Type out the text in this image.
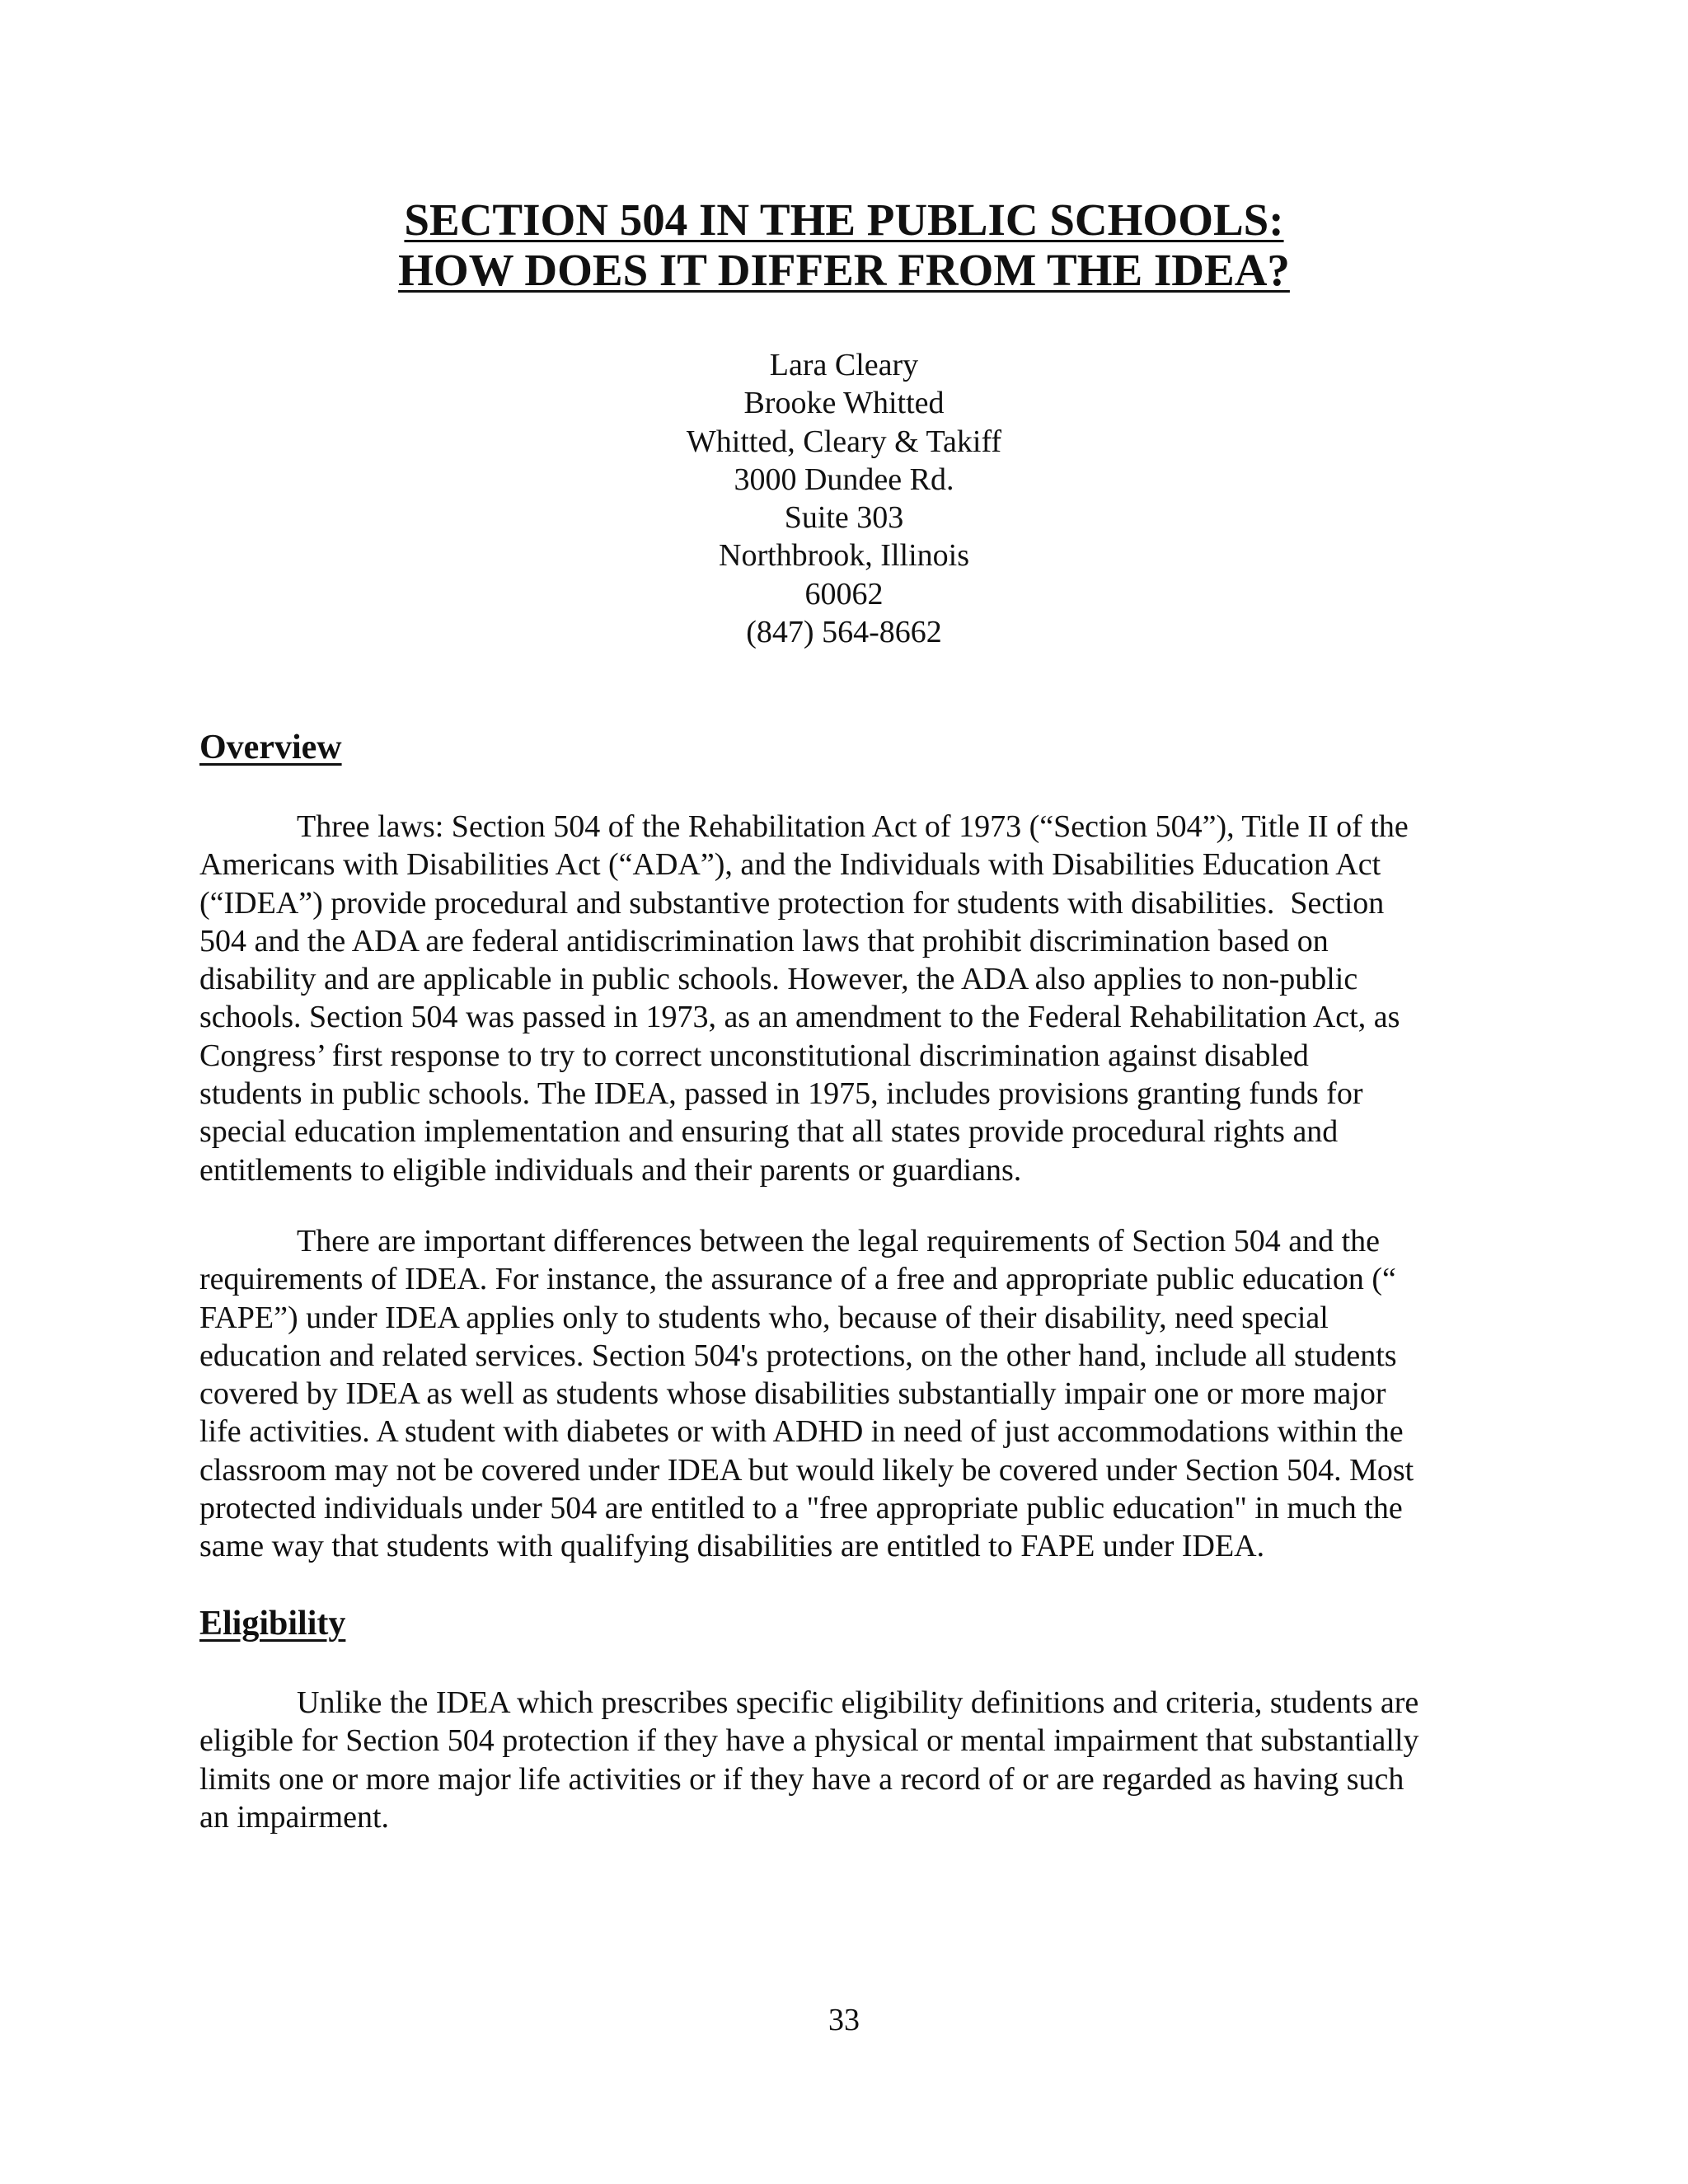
SECTION 504 IN THE PUBLIC SCHOOLS:
HOW DOES IT DIFFER FROM THE IDEA?
Lara Cleary
Brooke Whitted
Whitted, Cleary & Takiff
3000 Dundee Rd.
Suite 303
Northbrook, Illinois
60062
(847) 564-8662
Overview
Three laws: Section 504 of the Rehabilitation Act of 1973 (“Section 504”), Title II of the
Americans with Disabilities Act (“ADA”), and the Individuals with Disabilities Education Act
(“IDEA”) provide procedural and substantive protection for students with disabilities.  Section
504 and the ADA are federal antidiscrimination laws that prohibit discrimination based on
disability and are applicable in public schools. However, the ADA also applies to non-public
schools. Section 504 was passed in 1973, as an amendment to the Federal Rehabilitation Act, as
Congress’ first response to try to correct unconstitutional discrimination against disabled
students in public schools. The IDEA, passed in 1975, includes provisions granting funds for
special education implementation and ensuring that all states provide procedural rights and
entitlements to eligible individuals and their parents or guardians.
There are important differences between the legal requirements of Section 504 and the
requirements of IDEA. For instance, the assurance of a free and appropriate public education (“
FAPE”) under IDEA applies only to students who, because of their disability, need special
education and related services. Section 504's protections, on the other hand, include all students
covered by IDEA as well as students whose disabilities substantially impair one or more major
life activities. A student with diabetes or with ADHD in need of just accommodations within the
classroom may not be covered under IDEA but would likely be covered under Section 504. Most
protected individuals under 504 are entitled to a "free appropriate public education" in much the
same way that students with qualifying disabilities are entitled to FAPE under IDEA.
Eligibility
Unlike the IDEA which prescribes specific eligibility definitions and criteria, students are
eligible for Section 504 protection if they have a physical or mental impairment that substantially
limits one or more major life activities or if they have a record of or are regarded as having such
an impairment.
33
